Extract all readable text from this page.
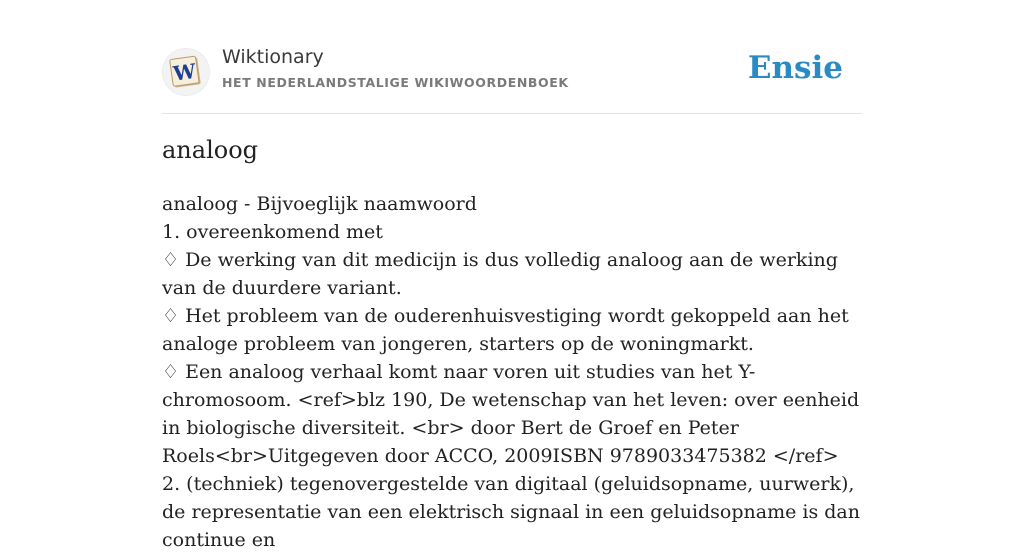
W
Wiktionary
HET NEDERLANDSTALIGE WIKIWOORDENBOEK	Ensie
analoog
analoog - Bijvoeglijk naamwoord
1. overeenkomend met
♢ De werking van dit medicijn is dus volledig analoog aan de werking van de duurdere variant.
♢ Het probleem van de ouderenhuisvestiging wordt gekoppeld aan het analoge probleem van jongeren, starters op de woningmarkt.
♢ Een analoog verhaal komt naar voren uit studies van het Y-chromosoom. <ref>blz 190, De wetenschap van het leven: over eenheid in biologische diversiteit. <br> door Bert de Groef en Peter Roels<br>Uitgegeven door ACCO, 2009ISBN 9789033475382 </ref>
2. (techniek) tegenovergestelde van digitaal (geluidsopname, uurwerk), de representatie van een elektrisch signaal in een geluidsopname is dan continue en
